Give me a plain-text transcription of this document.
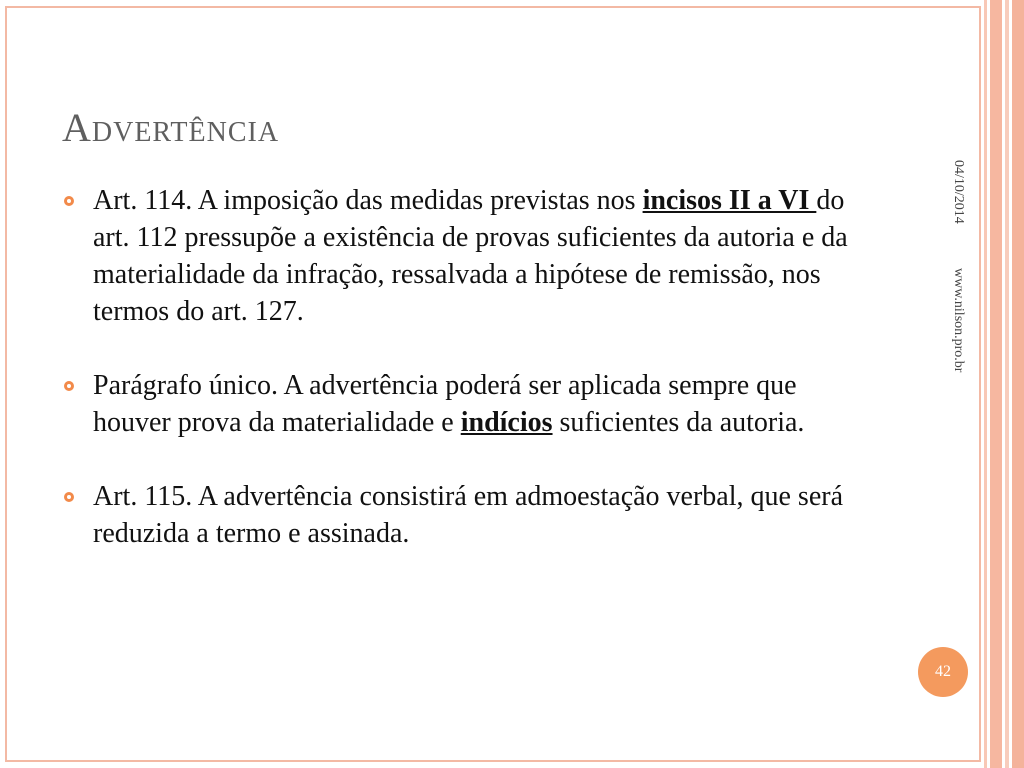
Advertência
Art. 114. A imposição das medidas previstas nos incisos II a VI do art. 112 pressupõe a existência de provas suficientes da autoria e da materialidade da infração, ressalvada a hipótese de remissão, nos termos do art. 127.
Parágrafo único. A advertência poderá ser aplicada sempre que houver prova da materialidade e indícios suficientes da autoria.
Art. 115. A advertência consistirá em admoestação verbal, que será reduzida a termo e assinada.
04/10/2014
www.nilson.pro.br
42
